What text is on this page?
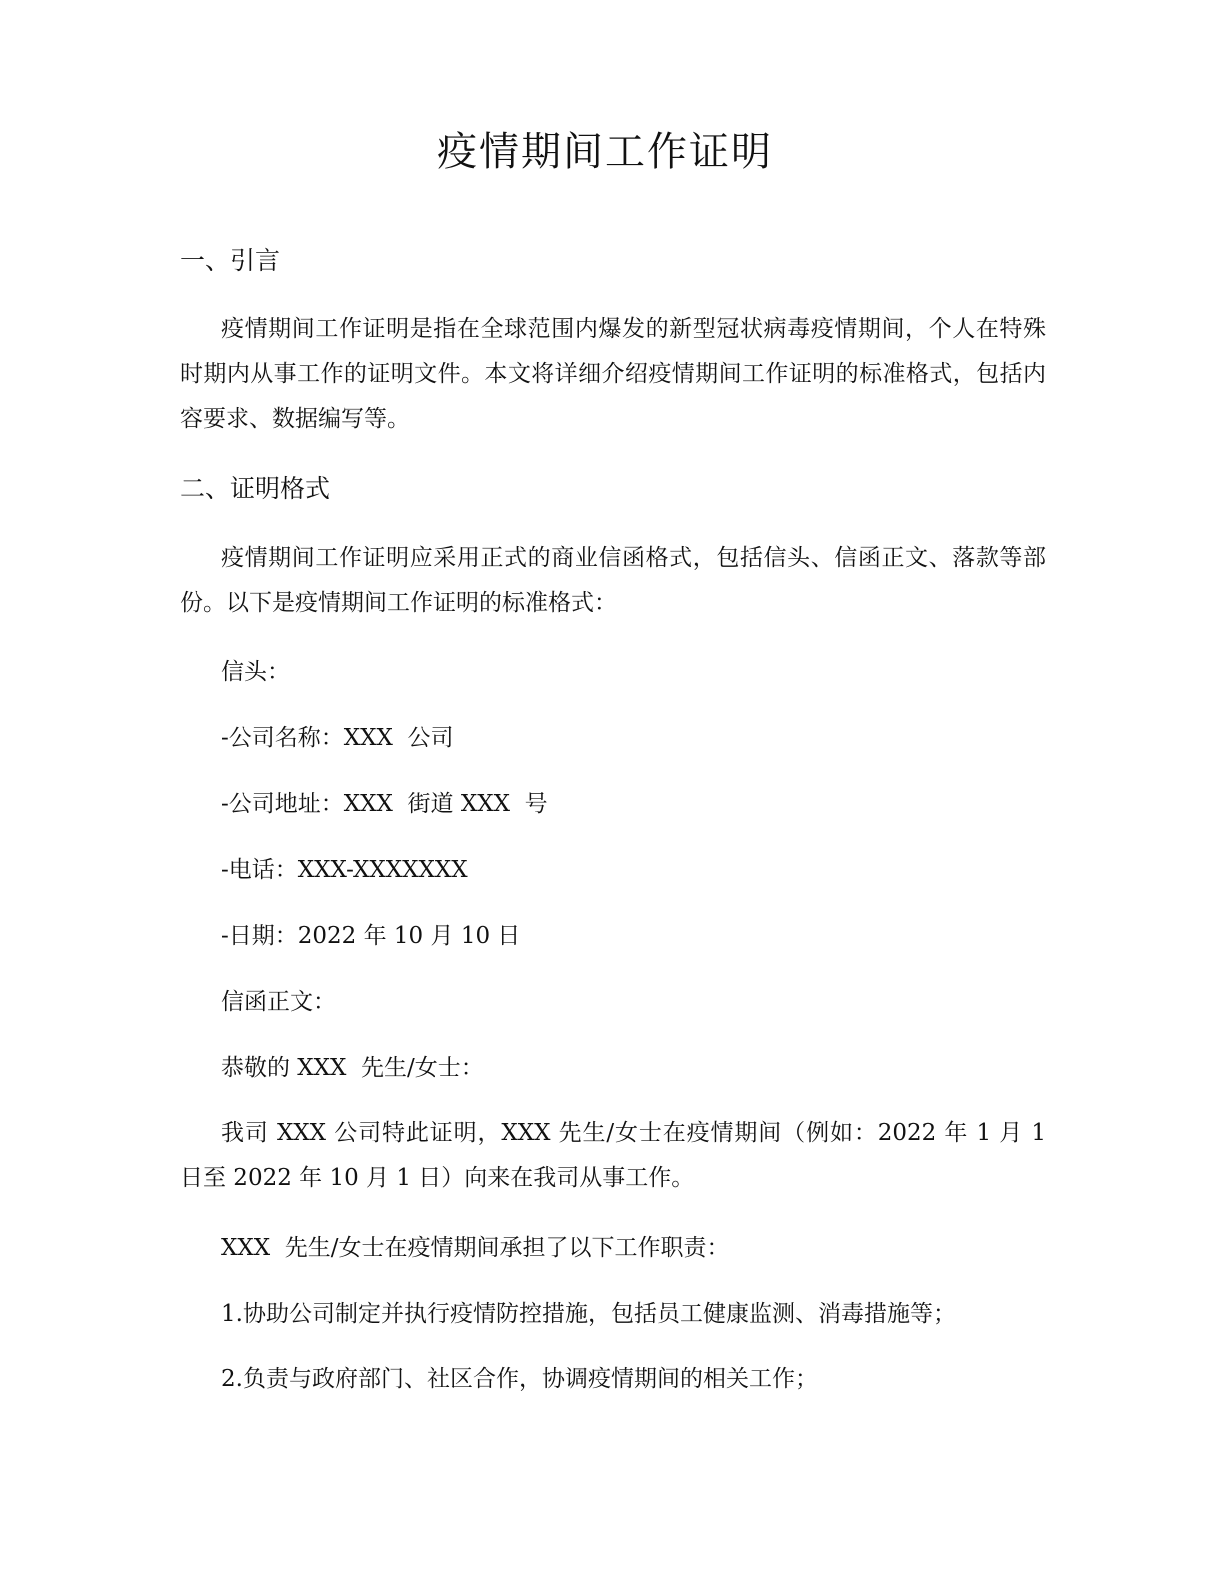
疫情期间工作证明
一、引言

疫情期间工作证明是指在全球范围内爆发的新型冠状病毒疫情期间，个人在特殊时期内从事工作的证明文件。本文将详细介绍疫情期间工作证明的标准格式，包括内容要求、数据编写等。

二、证明格式

疫情期间工作证明应采用正式的商业信函格式，包括信头、信函正文、落款等部份。以下是疫情期间工作证明的标准格式：

信头：

-公司名称：XXX  公司

-公司地址：XXX  街道 XXX  号

-电话：XXX-XXXXXXX

-日期：2022 年 10 月 10 日

信函正文：

恭敬的 XXX  先生/女士：

我司 XXX 公司特此证明，XXX 先生/女士在疫情期间（例如：2022 年 1 月 1 日至 2022 年 10 月 1 日）向来在我司从事工作。

XXX  先生/女士在疫情期间承担了以下工作职责：

1.协助公司制定并执行疫情防控措施，包括员工健康监测、消毒措施等；

2.负责与政府部门、社区合作，协调疫情期间的相关工作；
